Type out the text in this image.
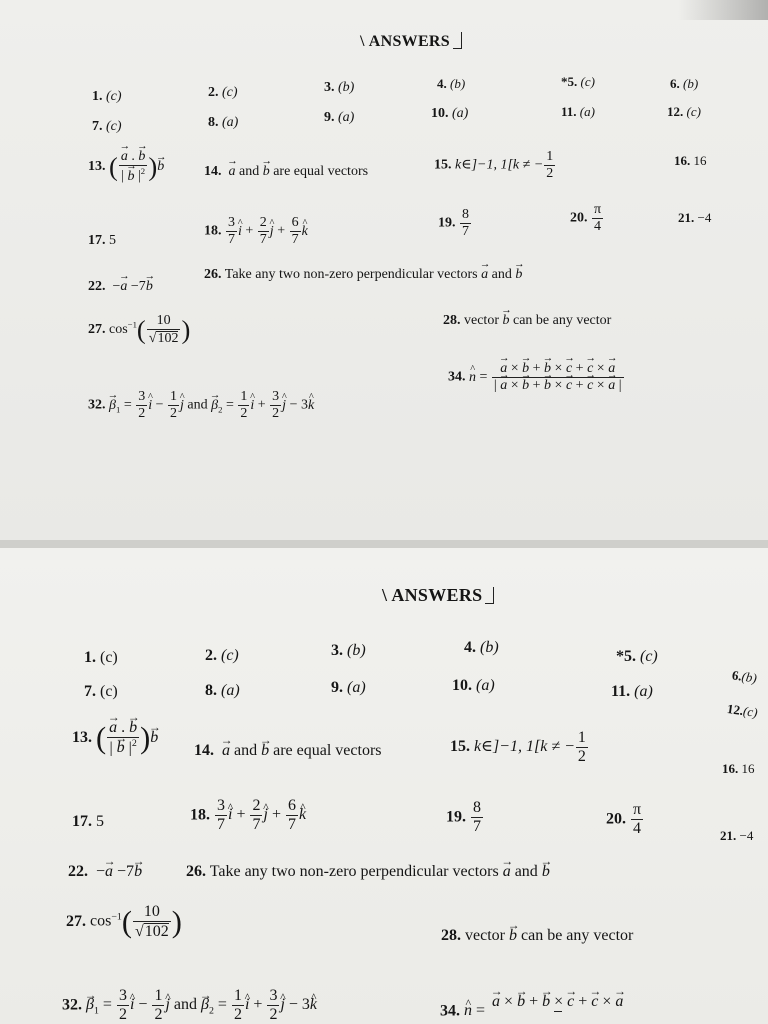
\ ANSWERS
1. (c)	2. (c)	3. (b)	4. (b)	*5. (c)	6. (b)
7. (c)	8. (a)	9. (a)	10. (a)	11. (a)	12. (c)
13. ( → $\frac{a . \to b}{| \to b |^2}$ )→ b	14. → a and → b are equal vectors	15. k∈]−1, 1[k ≠ − $\frac{1}{2}$	16. 16
17. 5
18. $\frac{3}{7}$ ^ $i + \frac{2}{7}$ ^ $j + \frac{6}{7}$ ^ k
19. $\frac{8}{7}$	20. $\frac{\pi}{4}$	21. −4
22.  −→ a −7→ b
26. Take any two non-zero perpendicular vectors → a and → b
27. $\cos^{-1}( \frac{10}{√102}$ )	28. vector → b can be any vector
32. → $\beta_1 = \frac{3}{2}$ ^ $i - \frac{1}{2}$ ^ j and → $\beta_2 = \frac{1}{2}$ ^ $i + \frac{3}{2}$ ^ j − 3^ k
34. ^ n = → $\frac{a \times \to b + \to b \times \to c + \to c \times \to a}{| \to a \times \to b + \to b \times \to c + \to c \times \to a |}$
\ ANSWERS
1. (c)	2. (c)	3. (b)	4. (b)
*5. (c)
6.(b)
7. (c)	8. (a)	9. (a)	10. (a)	11. (a)
12.(c)
13. ( → $\frac{a . \to b}{| \to b |^2}$ )→ b
14. → a and → b are equal vectors	15. k∈]−1, 1[k ≠ − $\frac{1}{2}$
16. 16
17. 5	18. $\frac{3}{7}$ ^ $i + \frac{2}{7}$ ^ $j + \frac{6}{7}$ ^ k	19. $\frac{8}{7}$	20. $\frac{\pi}{4}$	21. −4
22.  −→ a −7→ b	26. Take any two non-zero perpendicular vectors → a and → b
27. $\cos^{-1}( \frac{10}{√102}$ )	28. vector → b can be any vector
32. → $\beta_1 = \frac{3}{2}$ ^ $i - \frac{1}{2}$ ^ j and → $\beta_2 = \frac{1}{2}$ ^ $i + \frac{3}{2}$ ^ j − 3^ k	34. ^ n =
→ a × → b + → b × → c + → c × → a
